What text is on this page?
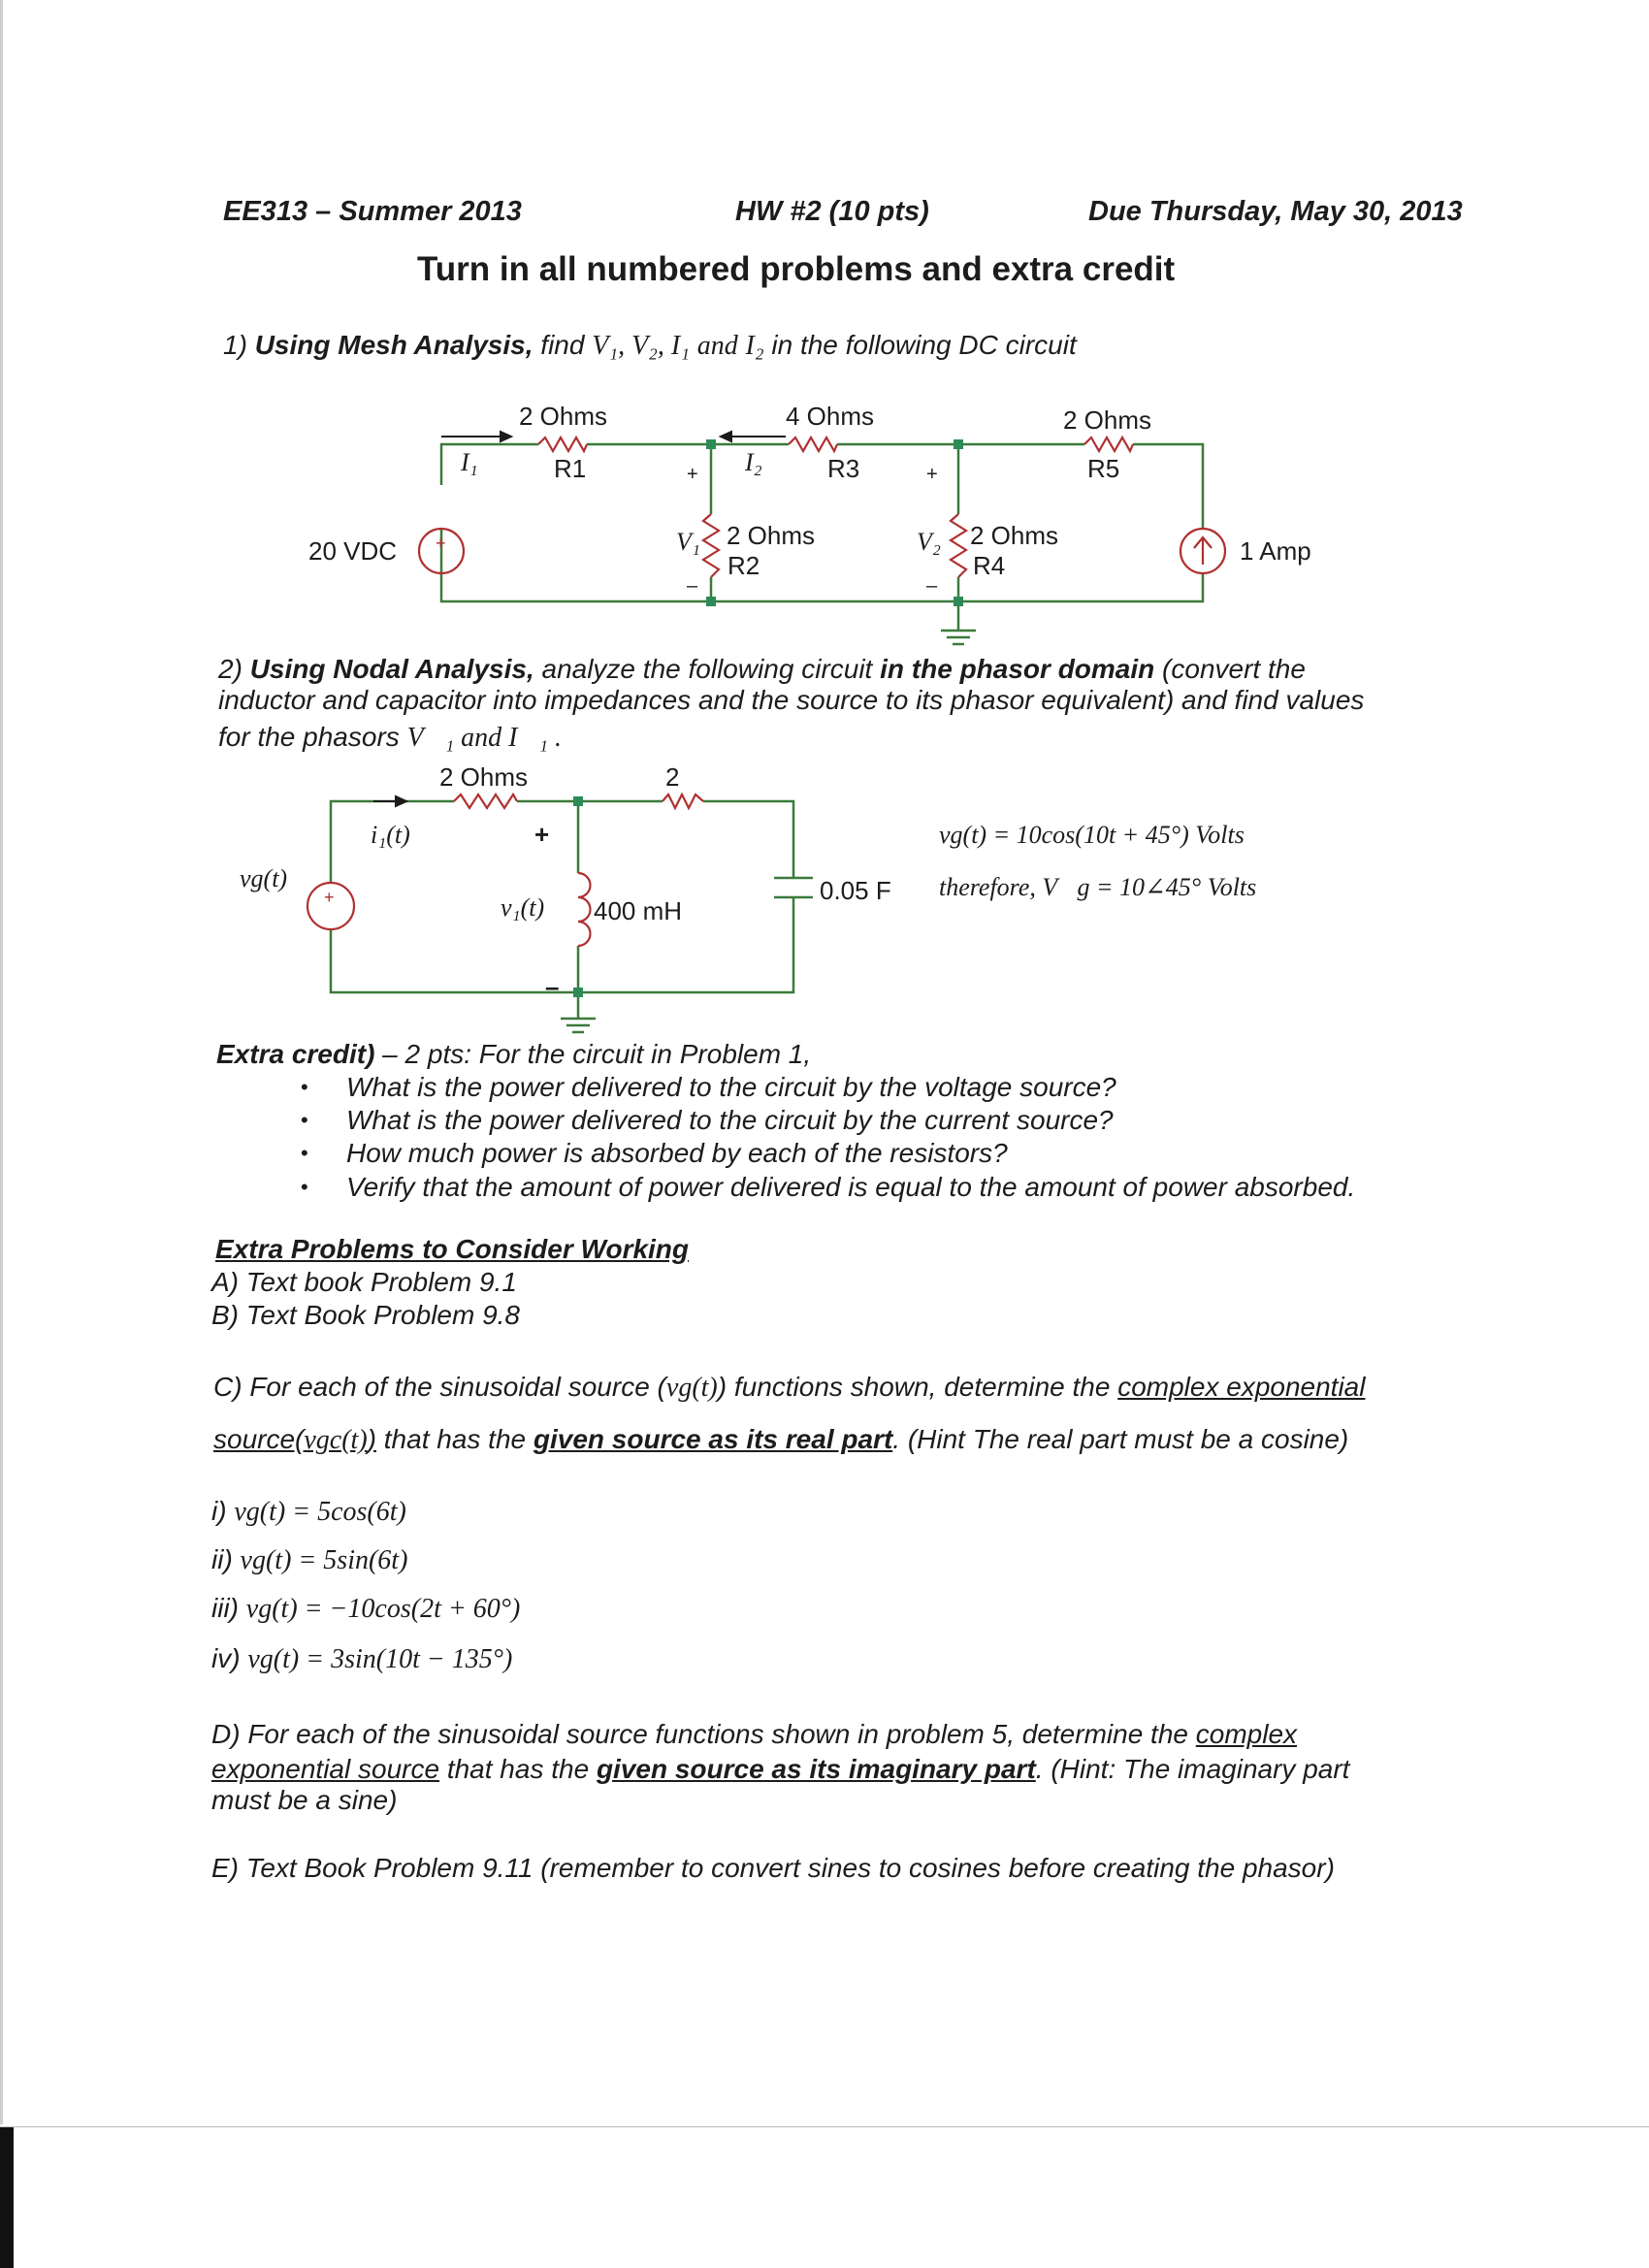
EE313 – Summer 2013	HW #2 (10 pts)	Due Thursday, May 30, 2013
Turn in all numbered problems and extra credit
1) Using Mesh Analysis, find V₁, V₂, I₁ and I₂ in the following DC circuit
+
2 Ohms
R1
4 Ohms
R3
2 Ohms
R5
2 Ohms
R2
2 Ohms
R4
20 VDC	1 Amp
I₁	I₂
V₁	V₂
+
–
+
–
2) Using Nodal Analysis, analyze the following circuit in the phasor domain (convert the
inductor and capacitor into impedances and the source to its phasor equivalent) and find values
for the phasors V⃗₁ and I⃗₁ .
+
2 Ohms	2
vg(t)
i₁(t)
v₁(t)
+
–
400 mH
0.05 F
vg(t) = 10cos(10t + 45°) Volts
therefore, V⃗g = 10∠45° Volts
Extra credit) – 2 pts: For the circuit in Problem 1,
• What is the power delivered to the circuit by the voltage source?
• What is the power delivered to the circuit by the current source?
• How much power is absorbed by each of the resistors?
• Verify that the amount of power delivered is equal to the amount of power absorbed.
Extra Problems to Consider Working
A) Text book Problem 9.1
B) Text Book Problem 9.8
C) For each of the sinusoidal source (vg(t)) functions shown, determine the complex exponential
source(vgc(t)) that has the given source as its real part. (Hint The real part must be a cosine)
i) vg(t) = 5cos(6t)
ii) vg(t) = 5sin(6t)
iii) vg(t) = −10cos(2t + 60°)
iv) vg(t) = 3sin(10t − 135°)
D) For each of the sinusoidal source functions shown in problem 5, determine the complex
exponential source that has the given source as its imaginary part. (Hint: The imaginary part
must be a sine)
E) Text Book Problem 9.11 (remember to convert sines to cosines before creating the phasor)
